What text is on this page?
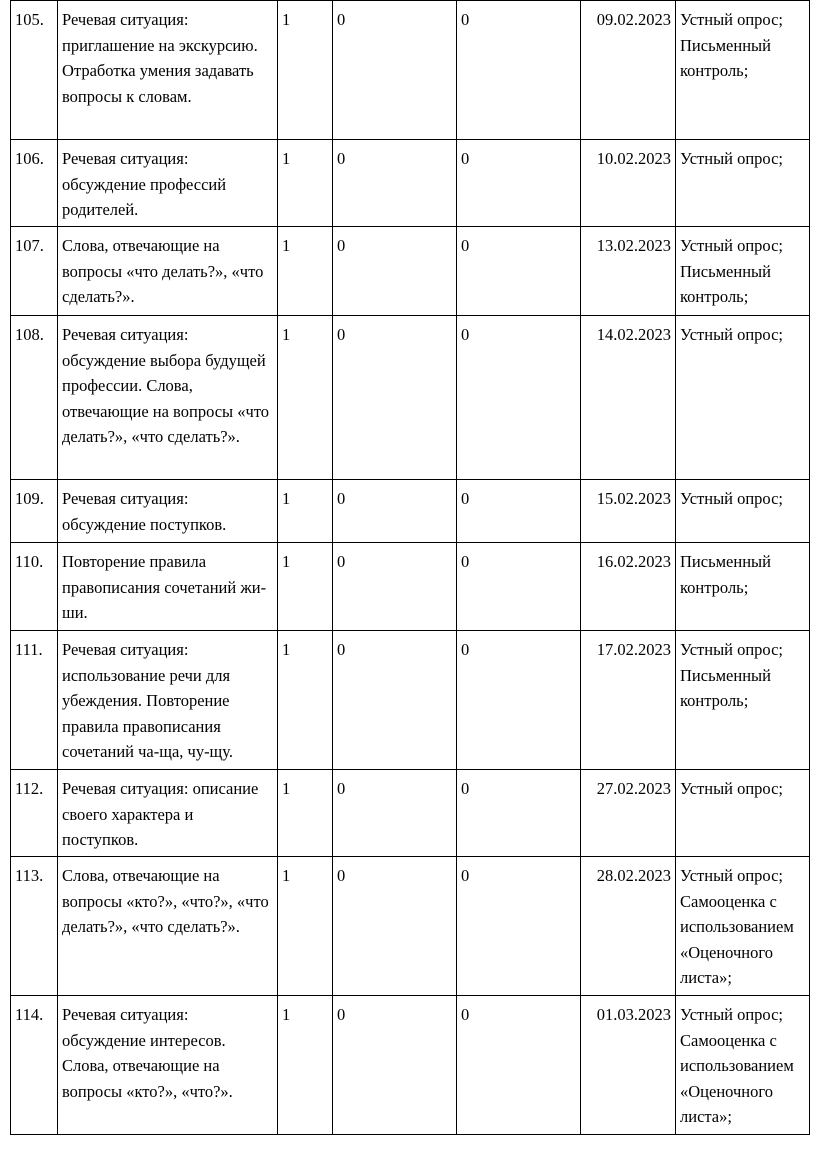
105.	Речевая ситуация: приглашение на экскурсию. Отработка умения задавать вопросы к словам.	1	0	0	09.02.2023	Устный опрос; Письменный контроль;
106.	Речевая ситуация: обсуждение профессий родителей.	1	0	0	10.02.2023	Устный опрос;
107.	Слова, отвечающие на вопросы «что делать?», «что сделать?».	1	0	0	13.02.2023	Устный опрос; Письменный контроль;
108.	Речевая ситуация: обсуждение выбора будущей профессии. Слова, отвечающие на вопросы «что делать?», «что сделать?».	1	0	0	14.02.2023	Устный опрос;
109.	Речевая ситуация: обсуждение поступков.	1	0	0	15.02.2023	Устный опрос;
110.	Повторение правила правописания сочетаний жи-ши.	1	0	0	16.02.2023	Письменный контроль;
111.	Речевая ситуация: использование речи для убеждения. Повторение правила правописания сочетаний ча-ща, чу-щу.	1	0	0	17.02.2023	Устный опрос; Письменный контроль;
112.	Речевая ситуация: описание своего характера и поступков.	1	0	0	27.02.2023	Устный опрос;
113.	Слова, отвечающие на вопросы «кто?», «что?», «что делать?», «что сделать?».	1	0	0	28.02.2023	Устный опрос; Самооценка с использованием «Оценочного листа»;
114.	Речевая ситуация: обсуждение интересов. Слова, отвечающие на вопросы «кто?», «что?».	1	0	0	01.03.2023	Устный опрос; Самооценка с использованием «Оценочного листа»;
